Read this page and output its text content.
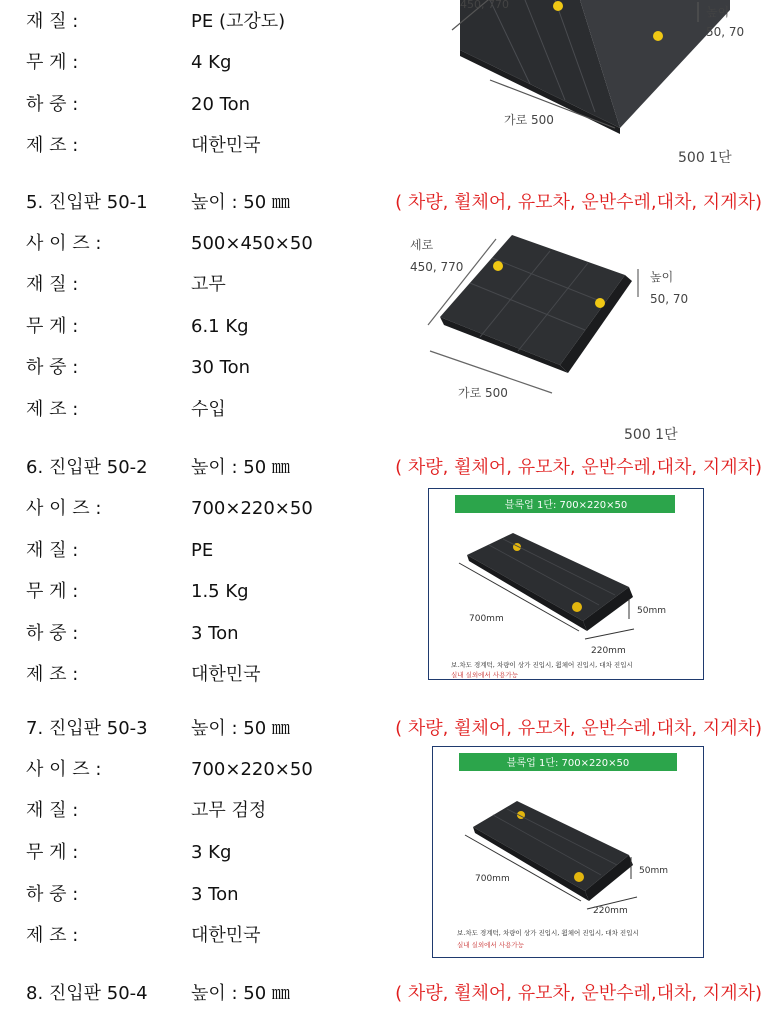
재 질 :	PE (고강도)
무 게 :	4 Kg
하 중 :	20 Ton
제 조 :	대한민국
450, 770
가로 500
높이
50, 70
500 1단
5. 진입판 50-1 높이 : 50 ㎜	( 차량, 휠체어, 유모차, 운반수레,대차, 지게차)
사 이 즈 :	500×450×50
재 질 :	고무
무 게 :	6.1 Kg
하 중 :	30 Ton
제 조 :	수입
세로
450, 770
가로 500
높이
50, 70
500 1단
6. 진입판 50-2 높이 : 50 ㎜	( 차량, 휠체어, 유모차, 운반수레,대차, 지게차)
사 이 즈 :	700×220×50
재 질 :	PE
무 게 :	1.5 Kg
하 중 :	3 Ton
제 조 :	대한민국
블록업 1단: 700×220×50
700mm
50mm
220mm
보.차도 경계턱, 차량이 상가 진입시, 휠체어 진입시, 대차 진입시
실내 실외에서 사용가능
7. 진입판 50-3 높이 : 50 ㎜	( 차량, 휠체어, 유모차, 운반수레,대차, 지게차)
사 이 즈 :	700×220×50
재 질 :	고무 검정
무 게 :	3 Kg
하 중 :	3 Ton
제 조 :	대한민국
블록업 1단: 700×220×50
700mm
50mm
220mm
보.차도 경계턱, 차량이 상가 진입시, 휠체어 진입시, 대차 진입시
실내 실외에서 사용가능
8. 진입판 50-4 높이 : 50 ㎜	( 차량, 휠체어, 유모차, 운반수레,대차, 지게차)
